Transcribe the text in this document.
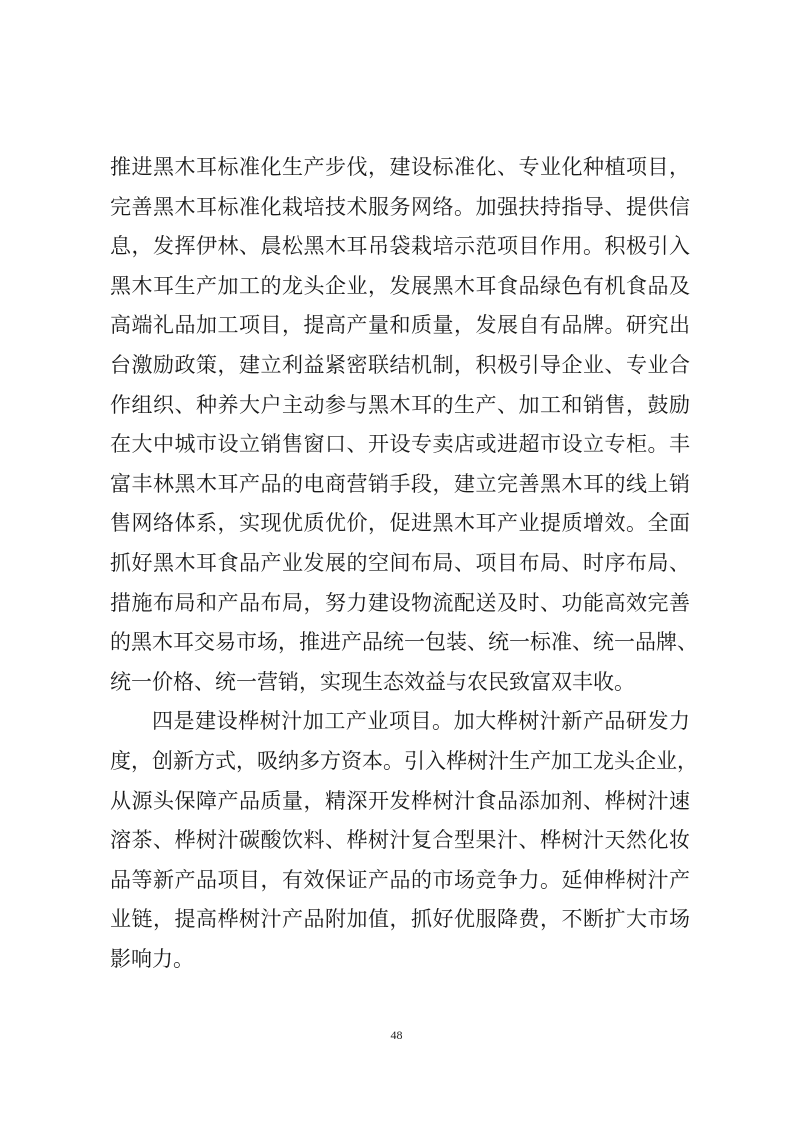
推进黑木耳标准化生产步伐，建设标准化、专业化种植项目，
完善黑木耳标准化栽培技术服务网络。加强扶持指导、提供信
息，发挥伊林、晨松黑木耳吊袋栽培示范项目作用。积极引入
黑木耳生产加工的龙头企业，发展黑木耳食品绿色有机食品及
高端礼品加工项目，提高产量和质量，发展自有品牌。研究出
台激励政策，建立利益紧密联结机制，积极引导企业、专业合
作组织、种养大户主动参与黑木耳的生产、加工和销售，鼓励
在大中城市设立销售窗口、开设专卖店或进超市设立专柜。丰
富丰林黑木耳产品的电商营销手段，建立完善黑木耳的线上销
售网络体系，实现优质优价，促进黑木耳产业提质增效。全面
抓好黑木耳食品产业发展的空间布局、项目布局、时序布局、
措施布局和产品布局，努力建设物流配送及时、功能高效完善
的黑木耳交易市场，推进产品统一包装、统一标准、统一品牌、
统一价格、统一营销，实现生态效益与农民致富双丰收。
四是建设桦树汁加工产业项目。加大桦树汁新产品研发力
度，创新方式，吸纳多方资本。引入桦树汁生产加工龙头企业，
从源头保障产品质量，精深开发桦树汁食品添加剂、桦树汁速
溶茶、桦树汁碳酸饮料、桦树汁复合型果汁、桦树汁天然化妆
品等新产品项目，有效保证产品的市场竞争力。延伸桦树汁产
业链，提高桦树汁产品附加值，抓好优服降费，不断扩大市场
影响力。
48
